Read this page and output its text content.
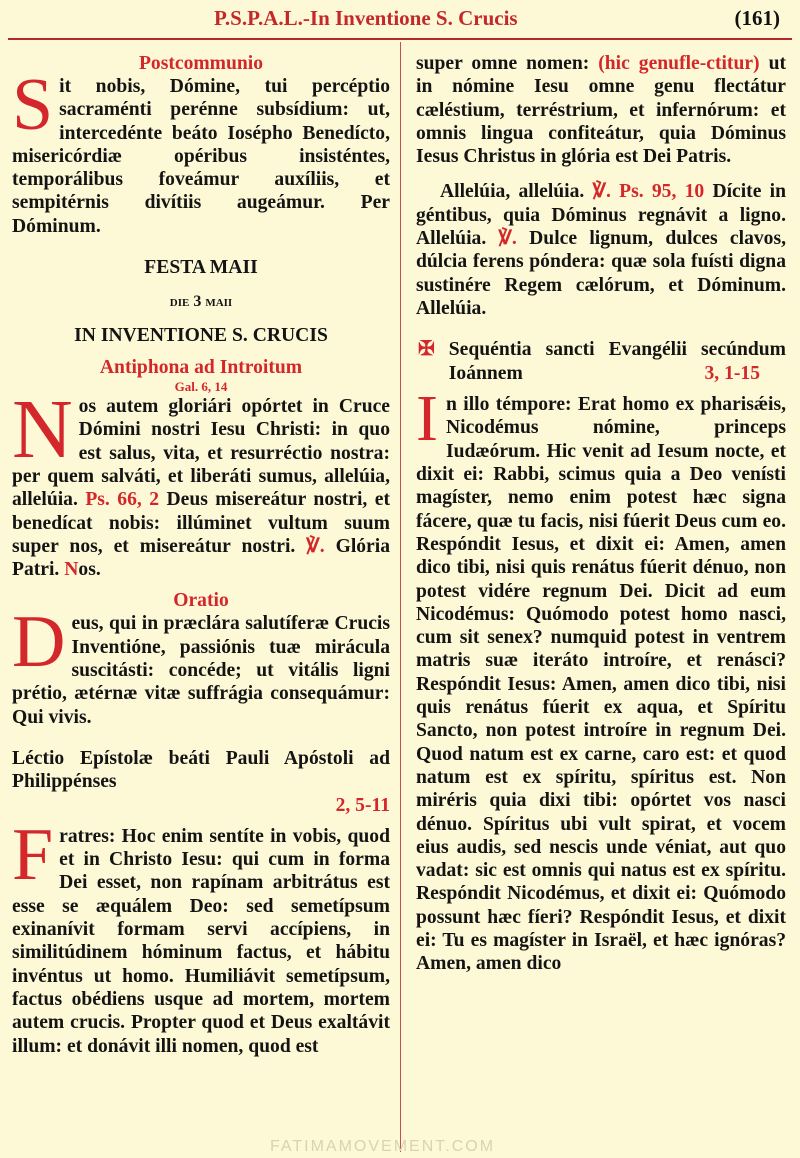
P.S.P.A.L.-In Inventione S. Crucis	(161)
Postcommunio

Sit nobis, Dómine, tui percéptio sacraménti perénne subsídium: ut, intercedénte beáto Iosépho Benedícto, misericórdiæ opéribus insisténtes, temporálibus foveámur auxíliis, et sempitérnis divítiis augeámur. Per Dóminum.

FESTA MAII
die 3 maii
IN INVENTIONE S. CRUCIS
Antiphona ad Introitum
Gal. 6, 14

Nos autem gloriári opórtet in Cruce Dómini nostri Iesu Christi: in quo est salus, vita, et resurréctio nostra: per quem salváti, et liberáti sumus, allelúia, allelúia. Ps. 66, 2 Deus misereátur nostri, et benedícat nobis: illúminet vultum suum super nos, et misereátur nostri. ℣. Glória Patri. Nos.

Oratio

Deus, qui in præclára salutíferæ Crucis Inventióne, passiónis tuæ mirácula suscitásti: concéde; ut vitális ligni prétio, ætérnæ vitæ suffrágia consequámur: Qui vivis.

Léctio Epístolæ beáti Pauli Apóstoli ad Philippénses

2, 5-11

Fratres: Hoc enim sentíte in vobis, quod et in Christo Iesu: qui cum in forma Dei esset, non rapínam arbitrátus est esse se æquálem Deo: sed semetípsum exinanívit formam servi accípiens, in similitúdinem hóminum factus, et hábitu invéntus ut homo. Humiliávit semetípsum, factus obédiens usque ad mortem, mortem autem crucis. Propter quod et Deus exaltávit illum: et donávit illi nomen, quod est

super omne nomen: (hic genufle-ctitur) ut in nómine Iesu omne genu flectátur cæléstium, terréstrium, et infernórum: et omnis lingua confiteátur, quia Dóminus Iesus Christus in glória est Dei Patris.

Allelúia, allelúia. ℣. Ps. 95, 10 Dícite in géntibus, quia Dóminus regnávit a ligno. Allelúia. ℣. Dulce lignum, dulces clavos, dúlcia ferens póndera: quæ sola fuísti digna sustinére Regem cælórum, et Dóminum. Allelúia.

✠ Sequéntia sancti Evangélii secúndum Ioánnem	3, 1-15

In illo témpore: Erat homo ex pharisǽis, Nicodémus nómine, princeps Iudæórum. Hic venit ad Iesum nocte, et dixit ei: Rabbi, scimus quia a Deo venísti magíster, nemo enim potest hæc signa fácere, quæ tu facis, nisi fúerit Deus cum eo. Respóndit Iesus, et dixit ei: Amen, amen dico tibi, nisi quis renátus fúerit dénuo, non potest vidére regnum Dei. Dicit ad eum Nicodémus: Quómodo potest homo nasci, cum sit senex? numquid potest in ventrem matris suæ iteráto introíre, et renásci? Respóndit Iesus: Amen, amen dico tibi, nisi quis renátus fúerit ex aqua, et Spíritu Sancto, non potest introíre in regnum Dei. Quod natum est ex carne, caro est: et quod natum est ex spíritu, spíritus est. Non miréris quia dixi tibi: opórtet vos nasci dénuo. Spíritus ubi vult spirat, et vocem eius audis, sed nescis unde véniat, aut quo vadat: sic est omnis qui natus est ex spíritu. Respóndit Nicodémus, et dixit ei: Quómodo possunt hæc fíeri? Respóndit Iesus, et dixit ei: Tu es magíster in Israël, et hæc ignóras? Amen, amen dico

FATIMAMOVEMENT.COM
